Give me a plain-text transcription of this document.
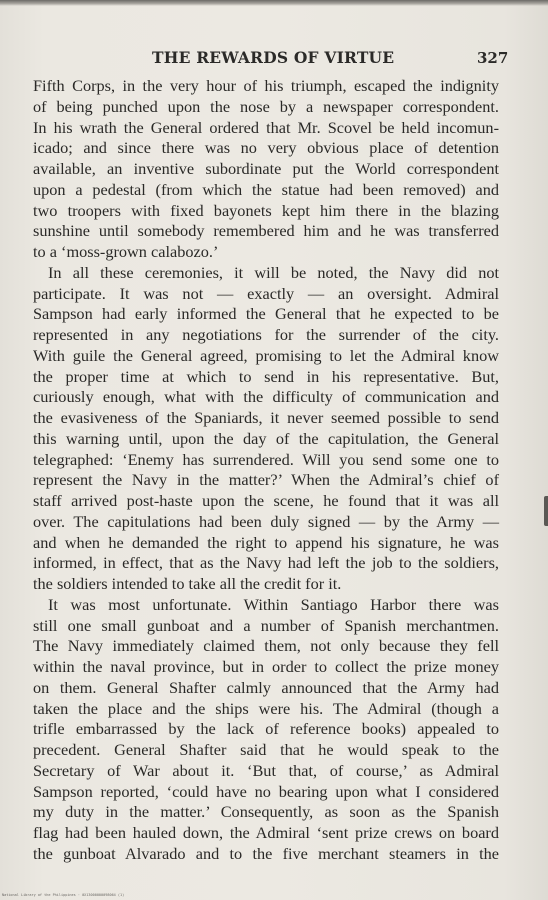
THE REWARDS OF VIRTUE	327
Fifth Corps, in the very hour of his triumph, escaped the indignity
of being punched upon the nose by a newspaper correspondent.
In his wrath the General ordered that Mr. Scovel be held incomun-
icado; and since there was no very obvious place of detention
available, an inventive subordinate put the World correspondent
upon a pedestal (from which the statue had been removed) and
two troopers with fixed bayonets kept him there in the blazing
sunshine until somebody remembered him and he was transferred
to a ‘moss-grown calabozo.’
In all these ceremonies, it will be noted, the Navy did not
participate. It was not — exactly — an oversight. Admiral
Sampson had early informed the General that he expected to be
represented in any negotiations for the surrender of the city.
With guile the General agreed, promising to let the Admiral know
the proper time at which to send in his representative. But,
curiously enough, what with the difficulty of communication and
the evasiveness of the Spaniards, it never seemed possible to send
this warning until, upon the day of the capitulation, the General
telegraphed: ‘Enemy has surrendered. Will you send some one to
represent the Navy in the matter?’ When the Admiral’s chief of
staff arrived post-haste upon the scene, he found that it was all
over. The capitulations had been duly signed — by the Army —
and when he demanded the right to append his signature, he was
informed, in effect, that as the Navy had left the job to the soldiers,
the soldiers intended to take all the credit for it.
It was most unfortunate. Within Santiago Harbor there was
still one small gunboat and a number of Spanish merchantmen.
The Navy immediately claimed them, not only because they fell
within the naval province, but in order to collect the prize money
on them. General Shafter calmly announced that the Army had
taken the place and the ships were his. The Admiral (though a
trifle embarrassed by the lack of reference books) appealed to
precedent. General Shafter said that he would speak to the
Secretary of War about it. ‘But that, of course,’ as Admiral
Sampson reported, ‘could have no bearing upon what I considered
my duty in the matter.’ Consequently, as soon as the Spanish
flag had been hauled down, the Admiral ‘sent prize crews on board
the gunboat Alvarado and to the five merchant steamers in the
National Library of the Philippines · 0X13000000098064 (1)
